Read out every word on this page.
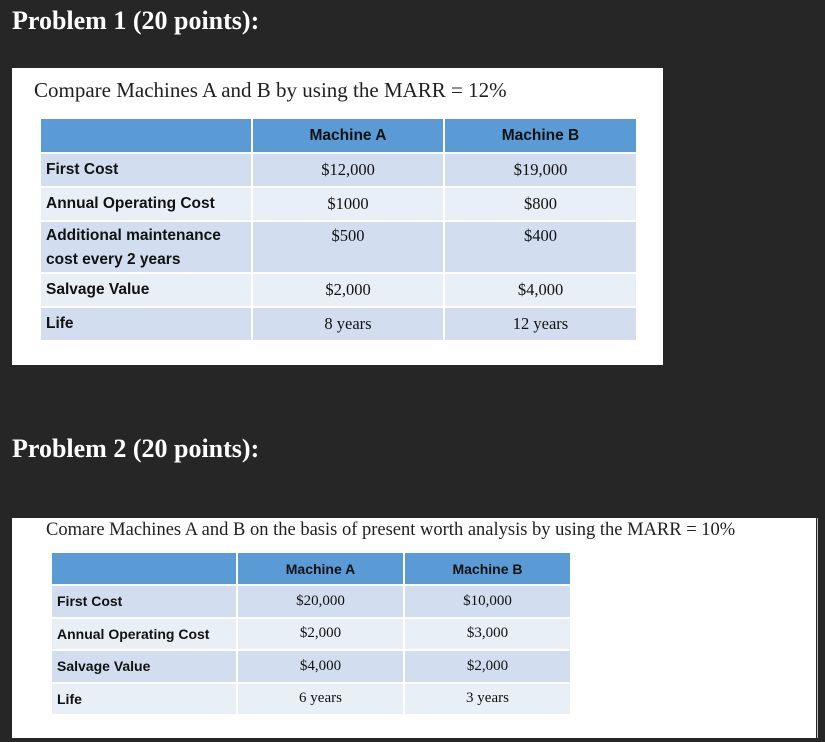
Problem 1 (20 points):
Compare Machines A and B by using the MARR = 12%
	Machine A	Machine B
First Cost	$12,000	$19,000
Annual Operating Cost	$1000	$800
Additional maintenance
cost every 2 years	$500	$400
Salvage Value	$2,000	$4,000
Life	8 years	12 years
Problem 2 (20 points):
Comare Machines A and B on the basis of present worth analysis by using the MARR = 10%
	Machine A	Machine B
First Cost	$20,000	$10,000
Annual Operating Cost	$2,000	$3,000
Salvage Value	$4,000	$2,000
Life	6 years	3 years
